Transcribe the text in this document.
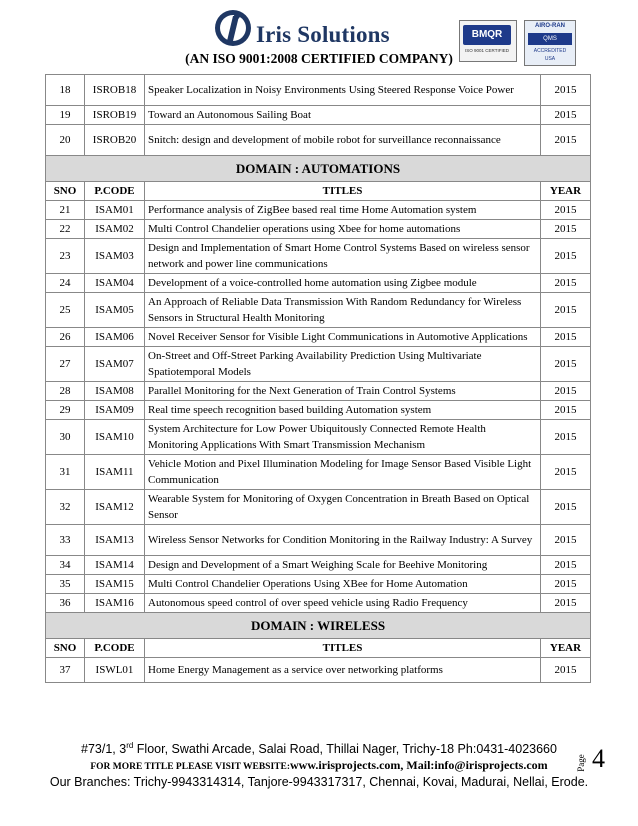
Iris Solutions
(AN ISO 9001:2008 CERTIFIED COMPANY)
BMQR
ISO 9001 CERTIFIED
AIRO-RAN
QMS
ACCREDITED
USA
18	ISROB18	Speaker Localization in Noisy Environments Using Steered Response Voice Power	2015
19	ISROB19	Toward an Autonomous Sailing Boat	2015
20	ISROB20	Snitch: design and development of mobile robot for surveillance reconnaissance	2015
DOMAIN : AUTOMATIONS			
SNO	P.CODE	TITLES	YEAR
21	ISAM01	Performance analysis of ZigBee based real time Home Automation system	2015
22	ISAM02	Multi Control Chandelier operations using Xbee for home automations	2015
23	ISAM03	Design and Implementation of Smart Home Control Systems Based on wireless sensor network and power line communications	2015
24	ISAM04	Development of a voice-controlled home automation using Zigbee module	2015
25	ISAM05	An Approach of Reliable Data Transmission With Random Redundancy for Wireless Sensors in Structural Health Monitoring	2015
26	ISAM06	Novel Receiver Sensor for Visible Light Communications in Automotive Applications	2015
27	ISAM07	On-Street and Off-Street Parking Availability Prediction Using Multivariate Spatiotemporal Models	2015
28	ISAM08	Parallel Monitoring for the Next Generation of Train Control Systems	2015
29	ISAM09	Real time speech recognition based building Automation system	2015
30	ISAM10	System Architecture for Low Power Ubiquitously Connected Remote Health Monitoring Applications With Smart Transmission Mechanism	2015
31	ISAM11	Vehicle Motion and Pixel Illumination Modeling for Image Sensor Based Visible Light Communication	2015
32	ISAM12	Wearable System for Monitoring of Oxygen Concentration in Breath Based on Optical Sensor	2015
33	ISAM13	Wireless Sensor Networks for Condition Monitoring in the Railway Industry: A Survey	2015
34	ISAM14	Design and Development of a Smart Weighing Scale for Beehive Monitoring	2015
35	ISAM15	Multi Control Chandelier Operations Using XBee for Home Automation	2015
36	ISAM16	Autonomous speed control of over speed vehicle using Radio Frequency	2015
DOMAIN : WIRELESS			
SNO	P.CODE	TITLES	YEAR
37	ISWL01	Home Energy Management as a service over networking platforms	2015
#73/1, 3rd Floor, Swathi Arcade, Salai Road, Thillai Nager, Trichy-18 Ph:0431-4023660
FOR MORE TITLE PLEASE VISIT WEBSITE:www.irisprojects.com, Mail:info@irisprojects.com
Our Branches: Trichy-9943314314, Tanjore-9943317317, Chennai, Kovai, Madurai, Nellai, Erode.
Page 4
